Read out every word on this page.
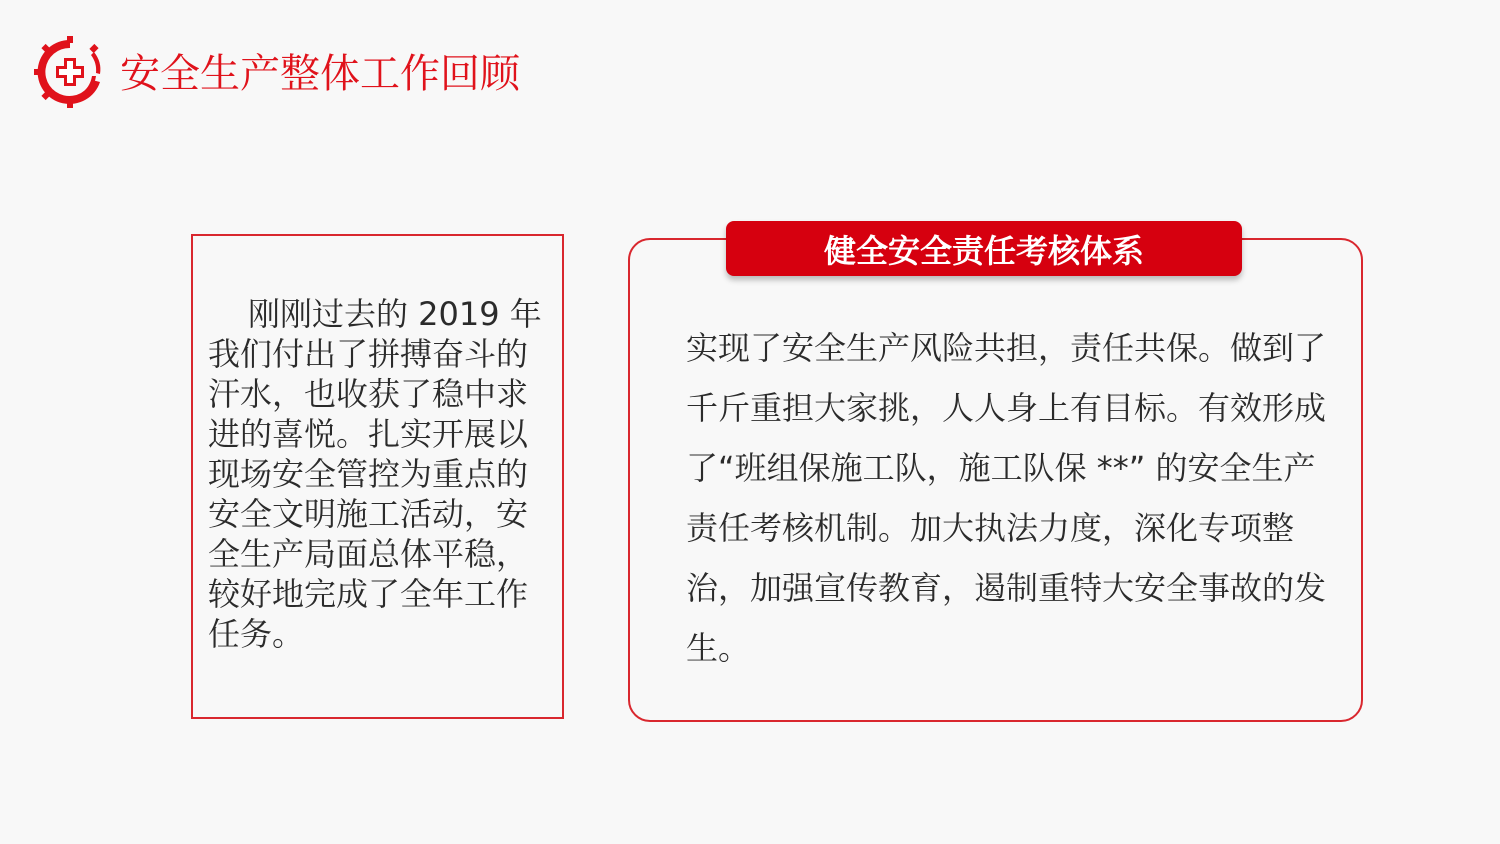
安全生产整体工作回顾

刚刚过去的 2019 年我们付出了拼搏奋斗的汗水，也收获了稳中求进的喜悦。扎实开展以现场安全管控为重点的安全文明施工活动，安全生产局面总体平稳，较好地完成了全年工作任务。

健全安全责任考核体系

实现了安全生产风险共担，责任共保。做到了千斤重担大家挑，人人身上有目标。有效形成了“班组保施工队，施工队保 **” 的安全生产责任考核机制。加大执法力度，深化专项整治，加强宣传教育，遏制重特大安全事故的发生。
